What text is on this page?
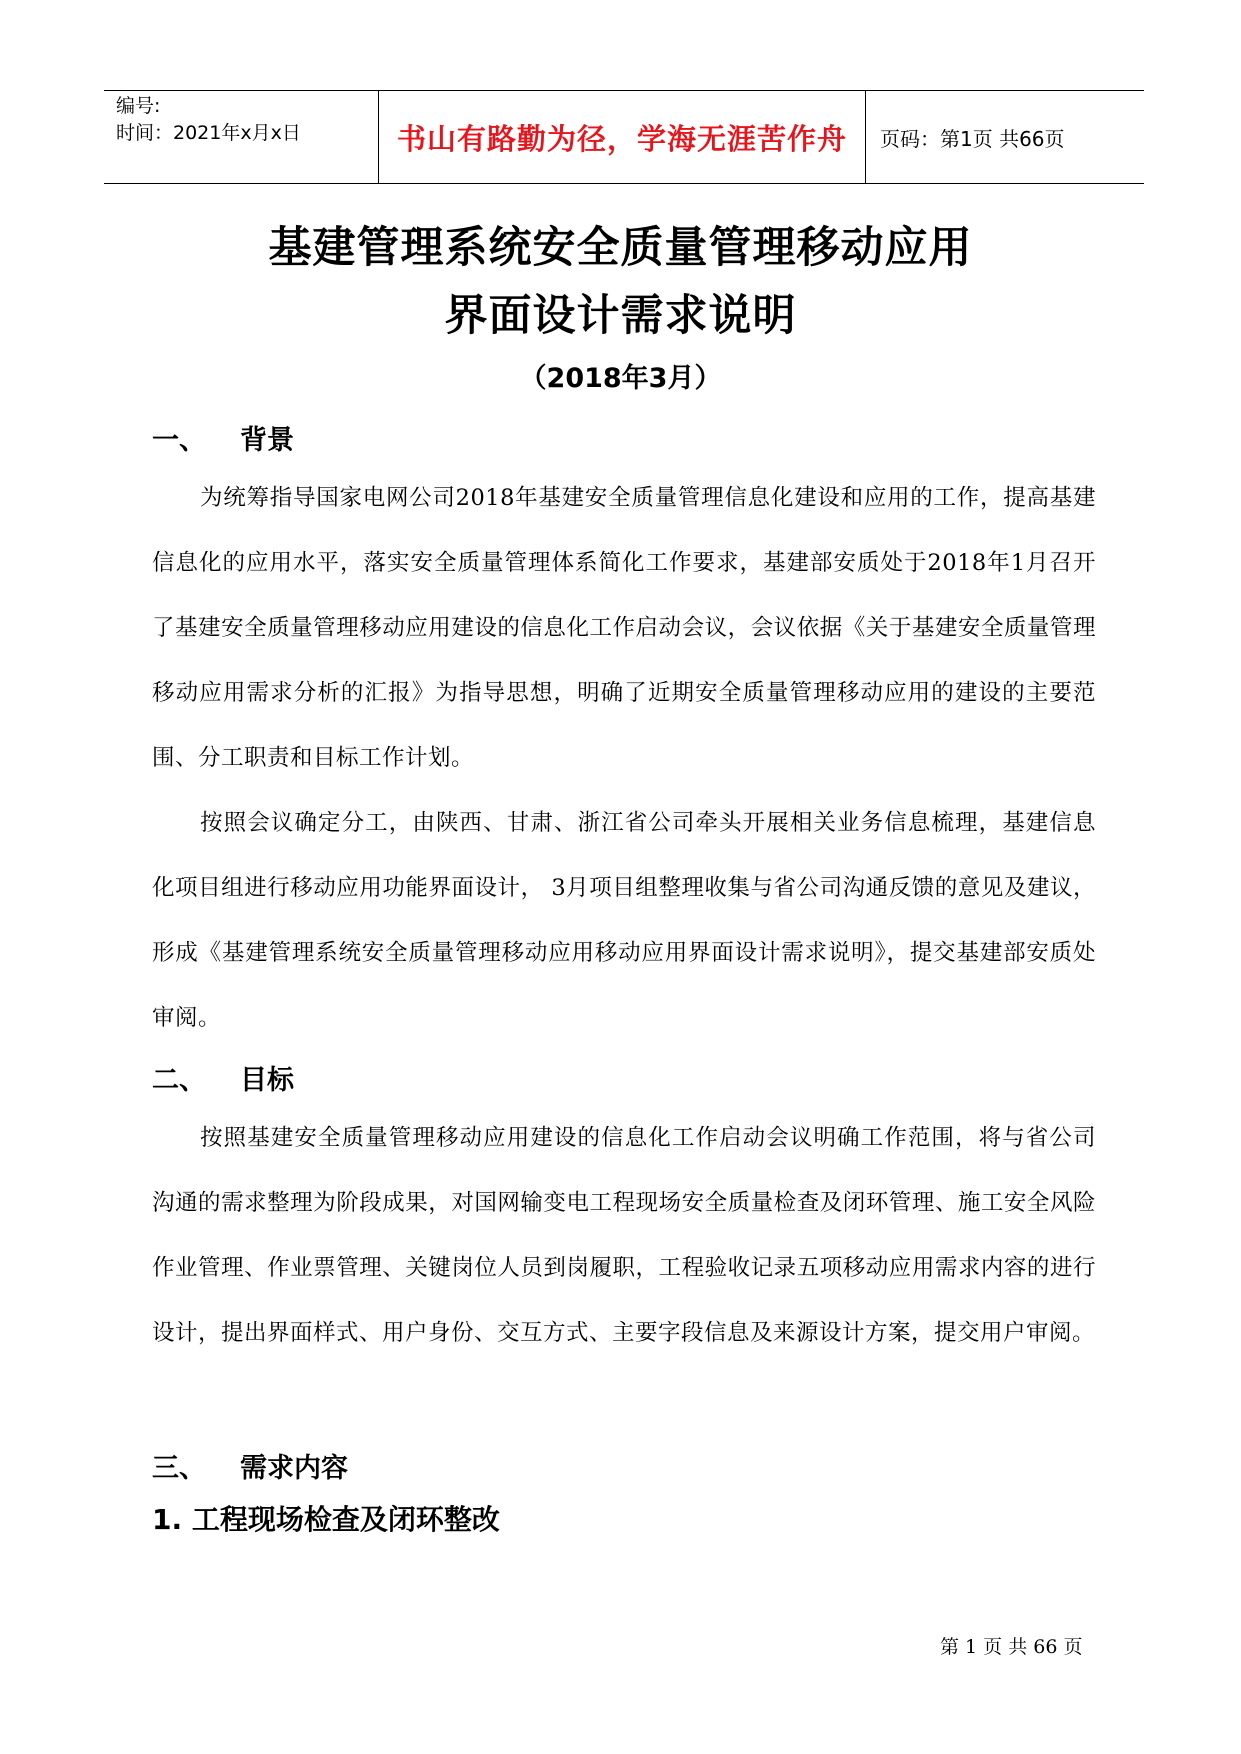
编号:
时间：2021年x月x日	书山有路勤为径，学海无涯苦作舟	页码：第1页 共66页
基建管理系统安全质量管理移动应用
界面设计需求说明
（2018年3月）
一、	背景
为统筹指导国家电网公司2018年基建安全质量管理信息化建设和应用的工作，提高基建信息化的应用水平，落实安全质量管理体系简化工作要求，基建部安质处于2018年1月召开了基建安全质量管理移动应用建设的信息化工作启动会议，会议依据《关于基建安全质量管理移动应用需求分析的汇报》为指导思想，明确了近期安全质量管理移动应用的建设的主要范围、分工职责和目标工作计划。
按照会议确定分工，由陕西、甘肃、浙江省公司牵头开展相关业务信息梳理，基建信息化项目组进行移动应用功能界面设计， 3月项目组整理收集与省公司沟通反馈的意见及建议，形成《基建管理系统安全质量管理移动应用移动应用界面设计需求说明》，提交基建部安质处审阅。
二、	目标
按照基建安全质量管理移动应用建设的信息化工作启动会议明确工作范围，将与省公司沟通的需求整理为阶段成果，对国网输变电工程现场安全质量检查及闭环管理、施工安全风险作业管理、作业票管理、关键岗位人员到岗履职，工程验收记录五项移动应用需求内容的进行设计，提出界面样式、用户身份、交互方式、主要字段信息及来源设计方案，提交用户审阅。
三、	需求内容
1. 工程现场检查及闭环整改
第 1 页 共 66 页
